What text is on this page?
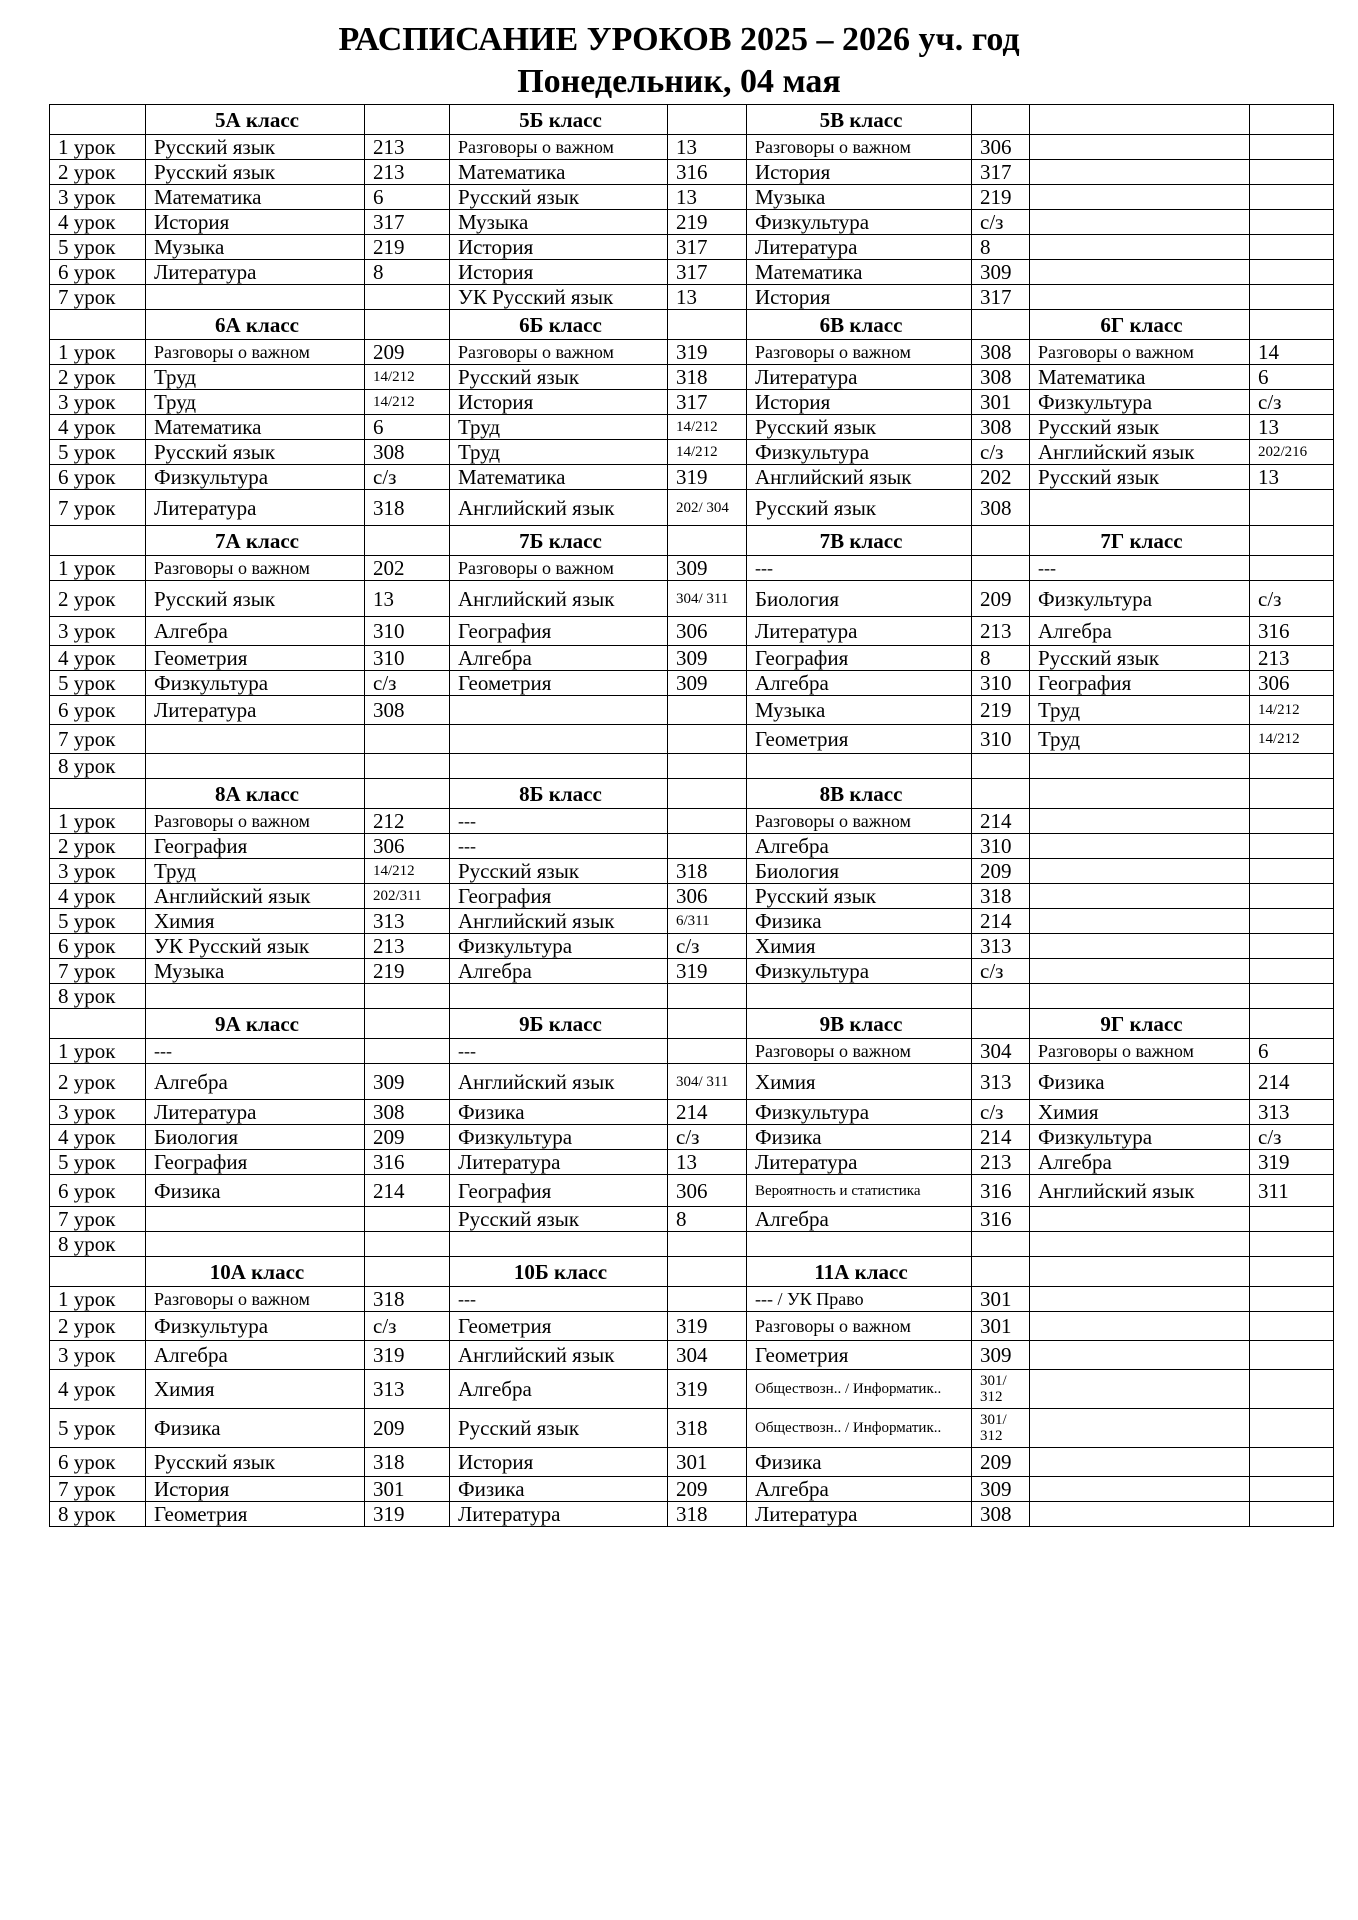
РАСПИСАНИЕ УРОКОВ 2025 – 2026 уч. год
Понедельник, 04 мая
	5А класс		5Б класс		5В класс			
1 урок	Русский язык	213	Разговоры о важном	13	Разговоры о важном	306		
2 урок	Русский язык	213	Математика	316	История	317		
3 урок	Математика	6	Русский язык	13	Музыка	219		
4 урок	История	317	Музыка	219	Физкультура	с/з		
5 урок	Музыка	219	История	317	Литература	8		
6 урок	Литература	8	История	317	Математика	309		
7 урок			УК Русский язык	13	История	317		
	6А класс		6Б класс		6В класс		6Г класс	
1 урок	Разговоры о важном	209	Разговоры о важном	319	Разговоры о важном	308	Разговоры о важном	14
2 урок	Труд	14/212	Русский язык	318	Литература	308	Математика	6
3 урок	Труд	14/212	История	317	История	301	Физкультура	с/з
4 урок	Математика	6	Труд	14/212	Русский язык	308	Русский язык	13
5 урок	Русский язык	308	Труд	14/212	Физкультура	с/з	Английский язык	202/216
6 урок	Физкультура	с/з	Математика	319	Английский язык	202	Русский язык	13
7 урок	Литература	318	Английский язык	202/ 304	Русский язык	308		
	7А класс		7Б класс		7В класс		7Г класс	
1 урок	Разговоры о важном	202	Разговоры о важном	309	---		---	
2 урок	Русский язык	13	Английский язык	304/ 311	Биология	209	Физкультура	с/з
3 урок	Алгебра	310	География	306	Литература	213	Алгебра	316
4 урок	Геометрия	310	Алгебра	309	География	8	Русский язык	213
5 урок	Физкультура	с/з	Геометрия	309	Алгебра	310	География	306
6 урок	Литература	308			Музыка	219	Труд	14/212
7 урок					Геометрия	310	Труд	14/212
8 урок								
	8А класс		8Б класс		8В класс			
1 урок	Разговоры о важном	212	---		Разговоры о важном	214		
2 урок	География	306	---		Алгебра	310		
3 урок	Труд	14/212	Русский язык	318	Биология	209		
4 урок	Английский язык	202/311	География	306	Русский язык	318		
5 урок	Химия	313	Английский язык	6/311	Физика	214		
6 урок	УК Русский язык	213	Физкультура	с/з	Химия	313		
7 урок	Музыка	219	Алгебра	319	Физкультура	с/з		
8 урок								
	9А класс		9Б класс		9В класс		9Г класс	
1 урок	---		---		Разговоры о важном	304	Разговоры о важном	6
2 урок	Алгебра	309	Английский язык	304/ 311	Химия	313	Физика	214
3 урок	Литература	308	Физика	214	Физкультура	с/з	Химия	313
4 урок	Биология	209	Физкультура	с/з	Физика	214	Физкультура	с/з
5 урок	География	316	Литература	13	Литература	213	Алгебра	319
6 урок	Физика	214	География	306	Вероятность и статистика	316	Английский язык	311
7 урок			Русский язык	8	Алгебра	316		
8 урок								
	10А класс		10Б класс		11А класс			
1 урок	Разговоры о важном	318	---		--- / УК Право	301		
2 урок	Физкультура	с/з	Геометрия	319	Разговоры о важном	301		
3 урок	Алгебра	319	Английский язык	304	Геометрия	309		
4 урок	Химия	313	Алгебра	319	Обществозн.. / Информатик..	301/ 312		
5 урок	Физика	209	Русский язык	318	Обществозн.. / Информатик..	301/ 312		
6 урок	Русский язык	318	История	301	Физика	209		
7 урок	История	301	Физика	209	Алгебра	309		
8 урок	Геометрия	319	Литература	318	Литература	308		
